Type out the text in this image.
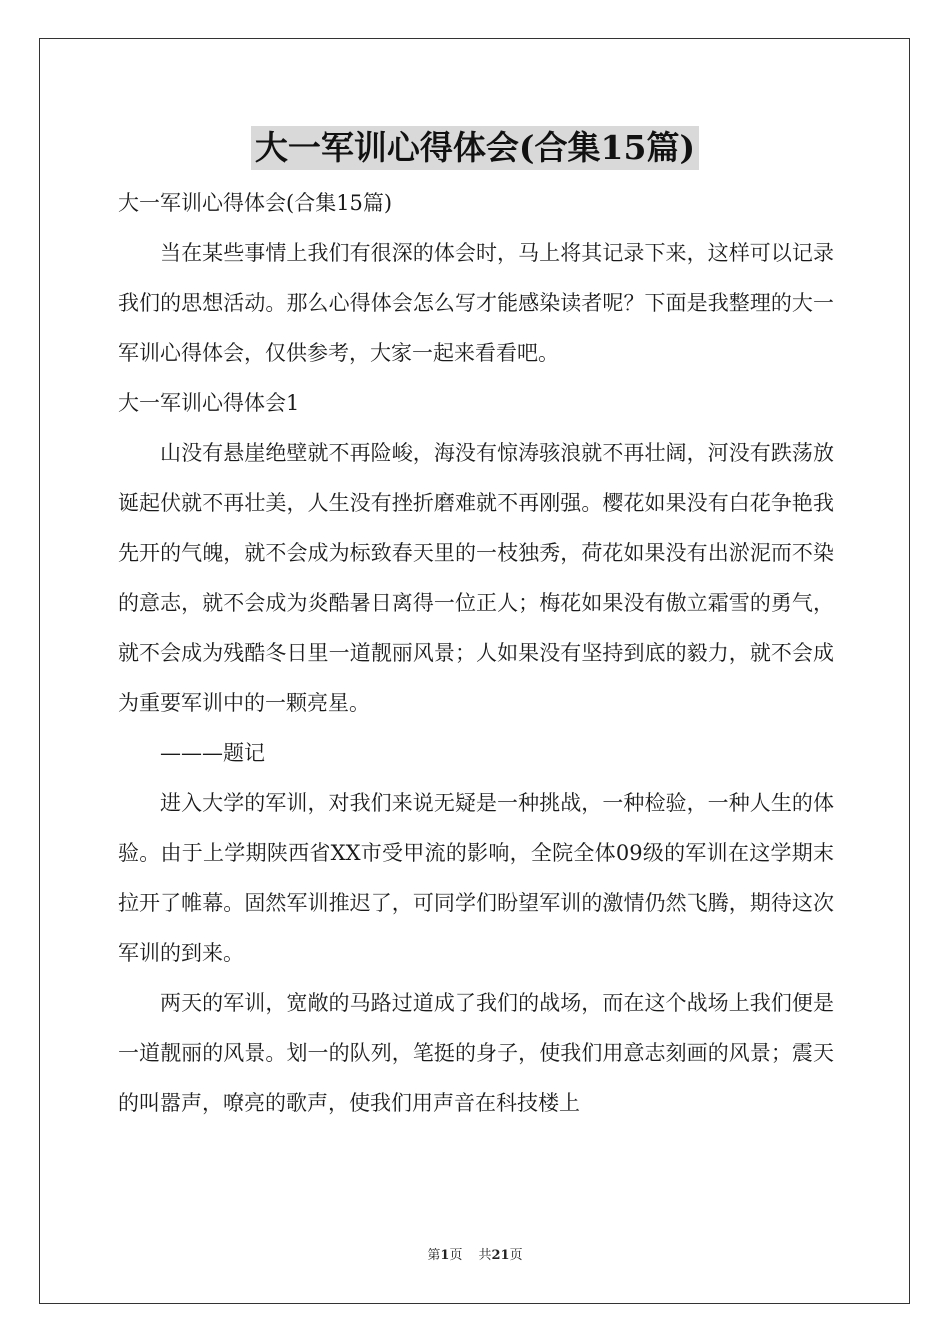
大一军训心得体会(合集15篇)

大一军训心得体会(合集15篇)

当在某些事情上我们有很深的体会时，马上将其记录下来，这样可以记录我们的思想活动。那么心得体会怎么写才能感染读者呢？下面是我整理的大一军训心得体会，仅供参考，大家一起来看看吧。

大一军训心得体会1

山没有悬崖绝壁就不再险峻，海没有惊涛骇浪就不再壮阔，河没有跌荡放诞起伏就不再壮美，人生没有挫折磨难就不再刚强。樱花如果没有白花争艳我先开的气魄，就不会成为标致春天里的一枝独秀，荷花如果没有出淤泥而不染的意志，就不会成为炎酷暑日离得一位正人；梅花如果没有傲立霜雪的勇气，就不会成为残酷冬日里一道靓丽风景；人如果没有坚持到底的毅力，就不会成为重要军训中的一颗亮星。

———题记

进入大学的军训，对我们来说无疑是一种挑战，一种检验，一种人生的体验。由于上学期陕西省XX市受甲流的影响，全院全体09级的军训在这学期末拉开了帷幕。固然军训推迟了，可同学们盼望军训的激情仍然飞腾，期待这次军训的到来。

两天的军训，宽敞的马路过道成了我们的战场，而在这个战场上我们便是一道靓丽的风景。划一的队列，笔挺的身子，使我们用意志刻画的风景；震天的叫嚣声，嘹亮的歌声，使我们用声音在科技楼上

第1页 共21页
